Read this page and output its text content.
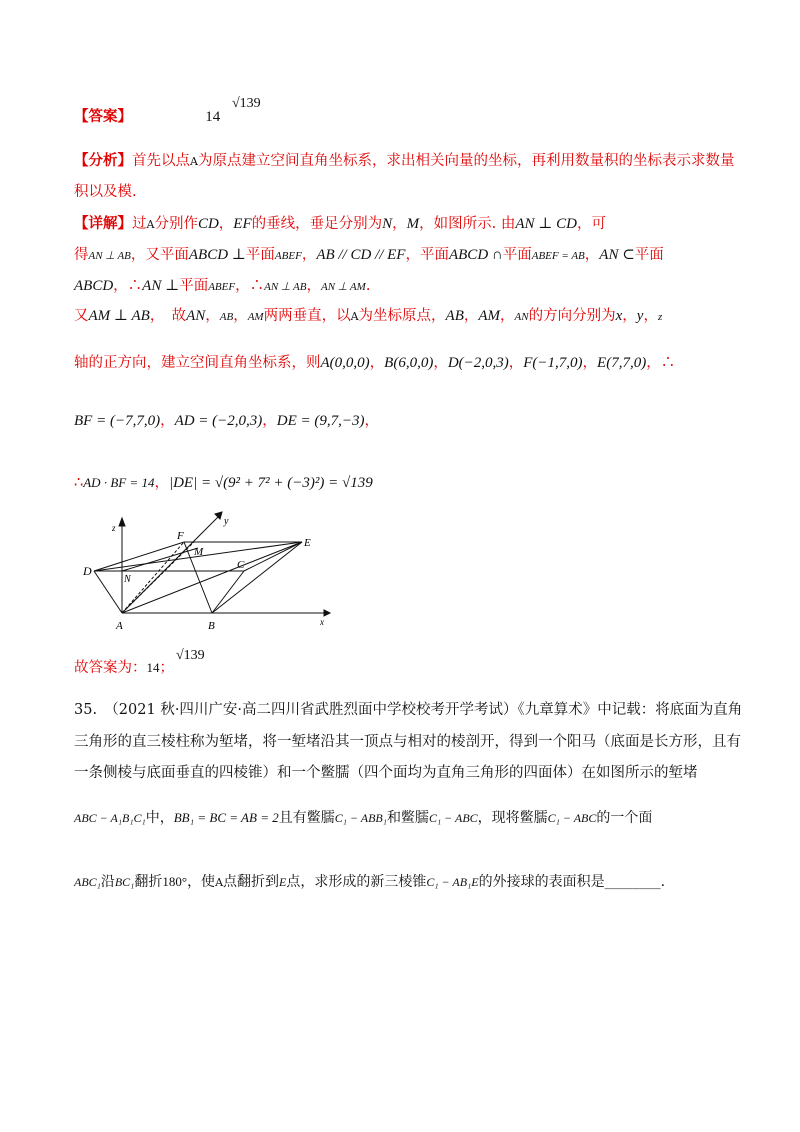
【答案】	14
√139
【分析】首先以点A为原点建立空间直角坐标系，求出相关向量的坐标，再利用数量积的坐标表示求数量
积以及模.
【详解】过A分别作CD，EF的垂线，垂足分别为N，M，如图所示. 由AN ⊥ CD，可
得AN ⊥ AB，又平面ABCD ⊥平面ABEF，AB // CD // EF，平面ABCD ∩平面ABEF = AB，AN ⊂平面
ABCD，∴AN ⊥平面ABEF，∴AN ⊥ AB，AN ⊥ AM.
又AM ⊥ AB，　故AN，AB，AM两两垂直，以A为坐标原点，AB，AM，AN的方向分别为x，y，z
轴的正方向，建立空间直角坐标系，则A(0,0,0)，B(6,0,0)，D(−2,0,3)，F(−1,7,0)，E(7,7,0)，∴
BF = (−7,7,0)，AD = (−2,0,3)，DE = (9,7,−3)，
∴AD · BF = 14，|DE| = √(9² + 7² + (−3)²) = √139
z
y
x
D
N
A	B
F
M
C
E
故答案为：14；
√139
35.　（2021 秋·四川广安·高二四川省武胜烈面中学校校考开学考试）《九章算术》中记载：将底面为直角
三角形的直三棱柱称为堑堵，将一堑堵沿其一顶点与相对的棱剖开，得到一个阳马（底面是长方形，且有
一条侧棱与底面垂直的四棱锥）和一个鳖臑（四个面均为直角三角形的四面体）在如图所示的堑堵
ABC − A₁B₁C₁中，BB₁ = BC = AB = 2且有鳖臑C₁ − ABB₁和鳖臑C₁ − ABC，现将鳖臑C₁ − ABC的一个面
ABC₁沿BC₁翻折180°，使A点翻折到E点，求形成的新三棱锥C₁ − AB₁E的外接球的表面积是________.
